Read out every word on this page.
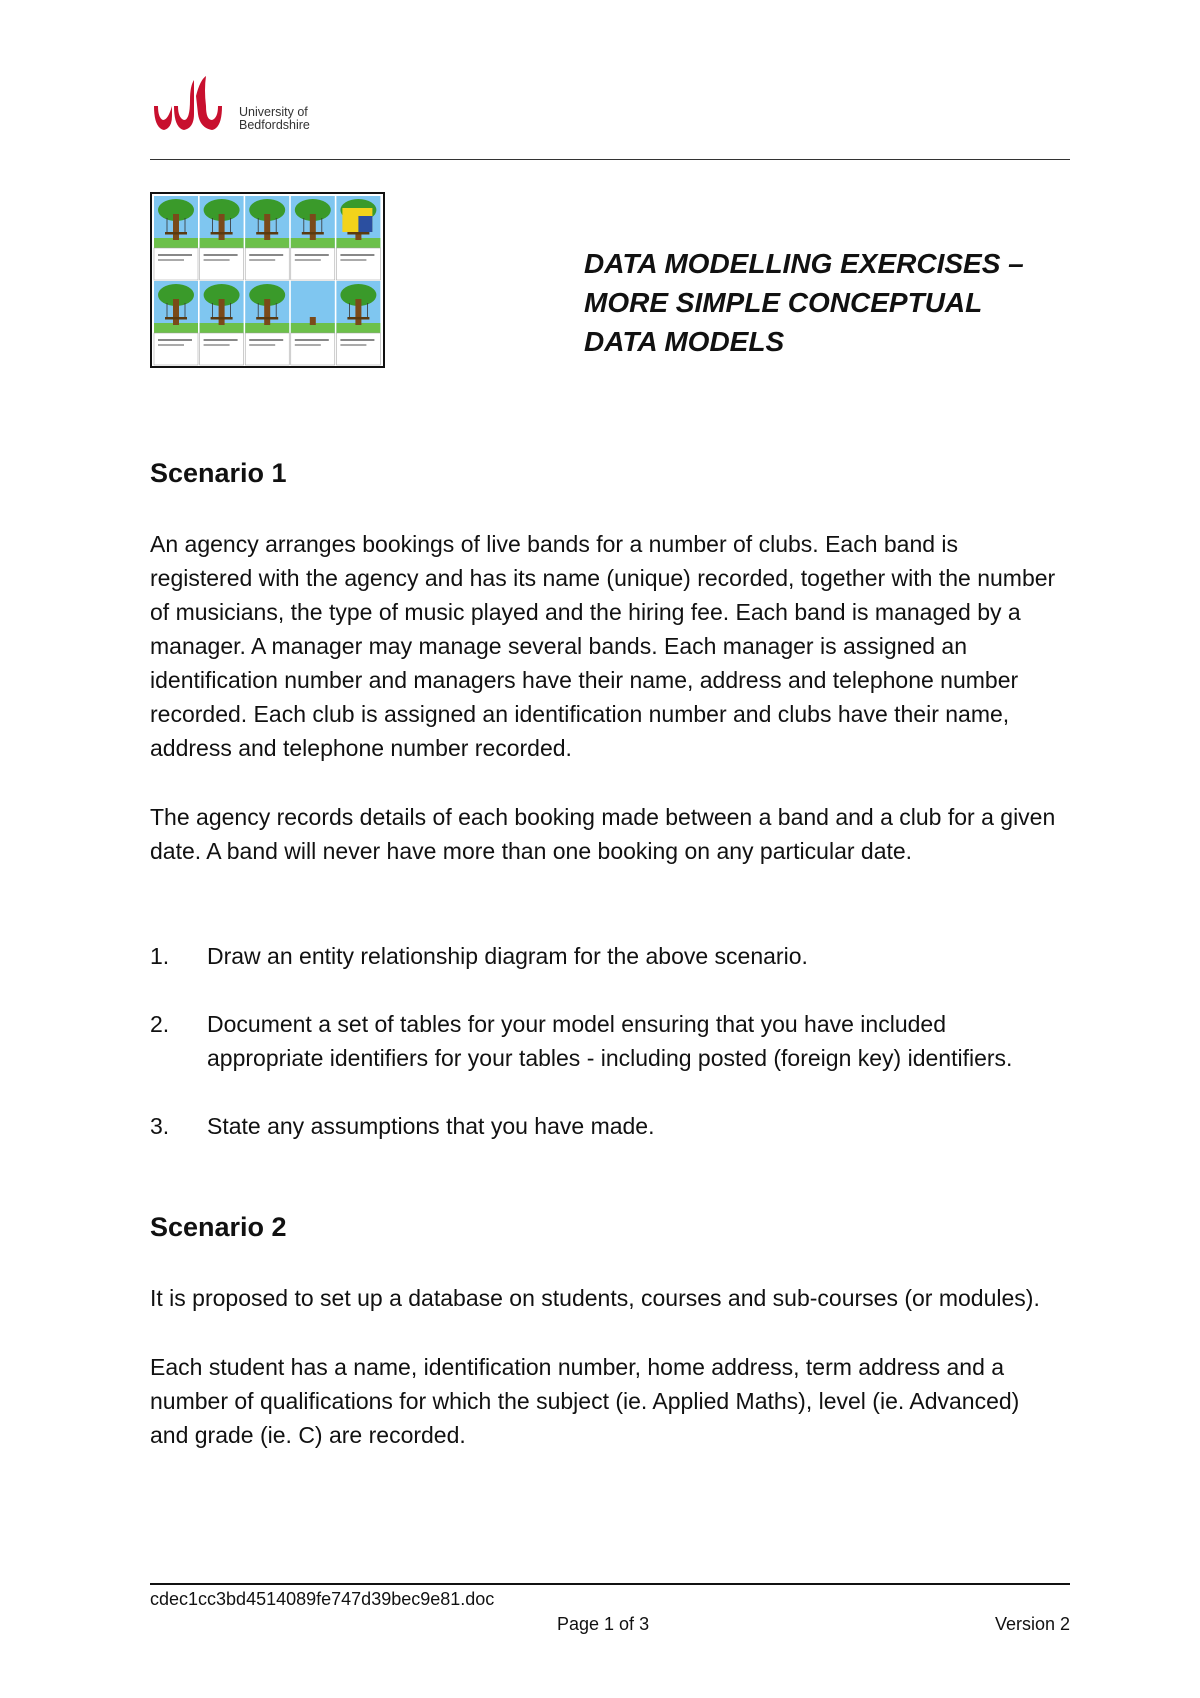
University of
Bedfordshire
DATA MODELLING EXERCISES –
MORE SIMPLE CONCEPTUAL
DATA MODELS
Scenario 1
An agency arranges bookings of live bands for a number of clubs. Each band is
registered with the agency and has its name (unique) recorded, together with the number
of musicians, the type of music played and the hiring fee. Each band is managed by a
manager. A manager may manage several bands. Each manager is assigned an
identification number and managers have their name, address and telephone number
recorded. Each club is assigned an identification number and clubs have their name,
address and telephone number recorded.
The agency records details of each booking made between a band and a club for a given
date. A band will never have more than one booking on any particular date.
1. Draw an entity relationship diagram for the above scenario.
2. Document a set of tables for your model ensuring that you have included
appropriate identifiers for your tables - including posted (foreign key) identifiers.
3. State any assumptions that you have made.
Scenario 2
It is proposed to set up a database on students, courses and sub-courses (or modules).
Each student has a name, identification number, home address, term address and a
number of qualifications for which the subject (ie. Applied Maths), level (ie. Advanced)
and grade (ie. C) are recorded.
cdec1cc3bd4514089fe747d39bec9e81.doc
Page 1 of 3	Version 2
